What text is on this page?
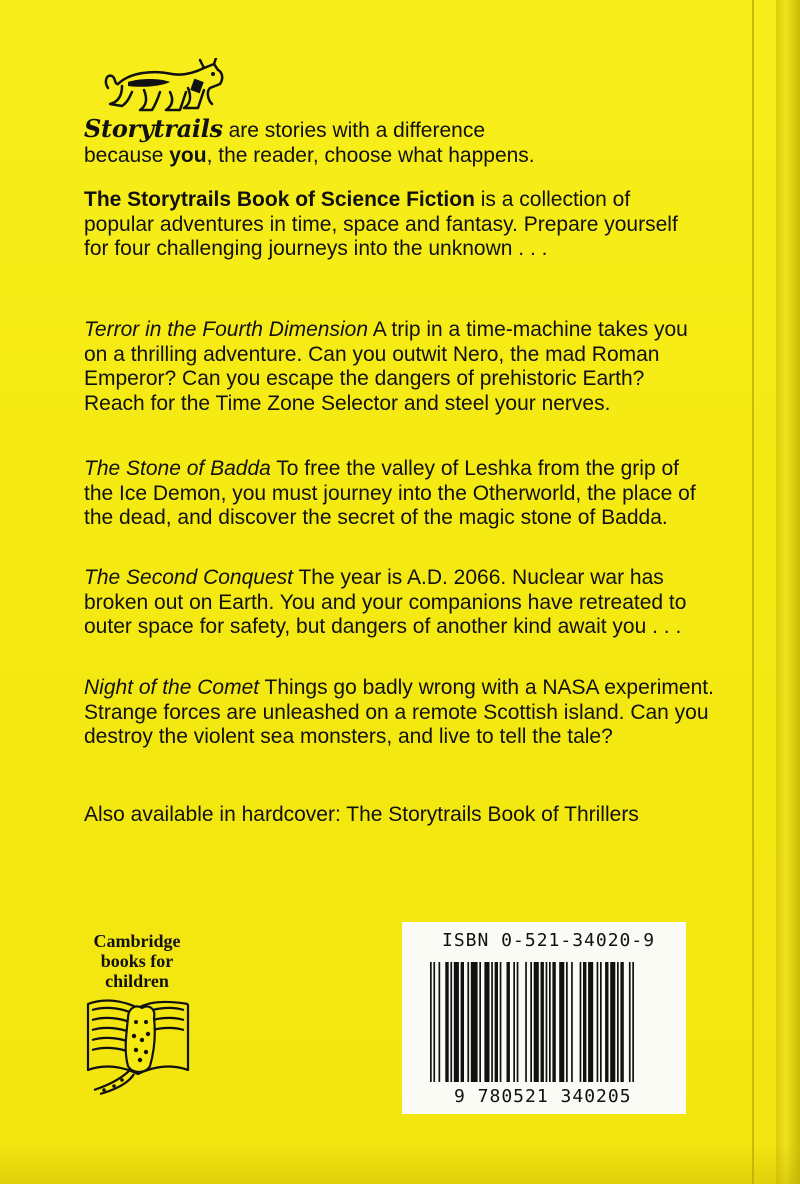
Storytrails are stories with a difference
because you, the reader, choose what happens.
The Storytrails Book of Science Fiction is a collection of popular adventures in time, space and fantasy. Prepare yourself for four challenging journeys into the unknown . . .
Terror in the Fourth Dimension A trip in a time-machine takes you on a thrilling adventure. Can you outwit Nero, the mad Roman Emperor? Can you escape the dangers of prehistoric Earth? Reach for the Time Zone Selector and steel your nerves.
The Stone of Badda To free the valley of Leshka from the grip of the Ice Demon, you must journey into the Otherworld, the place of the dead, and discover the secret of the magic stone of Badda.
The Second Conquest The year is A.D. 2066. Nuclear war has broken out on Earth. You and your companions have retreated to outer space for safety, but dangers of another kind await you . . .
Night of the Comet Things go badly wrong with a NASA experiment. Strange forces are unleashed on a remote Scottish island. Can you destroy the violent sea monsters, and live to tell the tale?
Also available in hardcover: The Storytrails Book of Thrillers
Cambridge
books for
children
ISBN 0-521-34020-9
9 780521 340205
